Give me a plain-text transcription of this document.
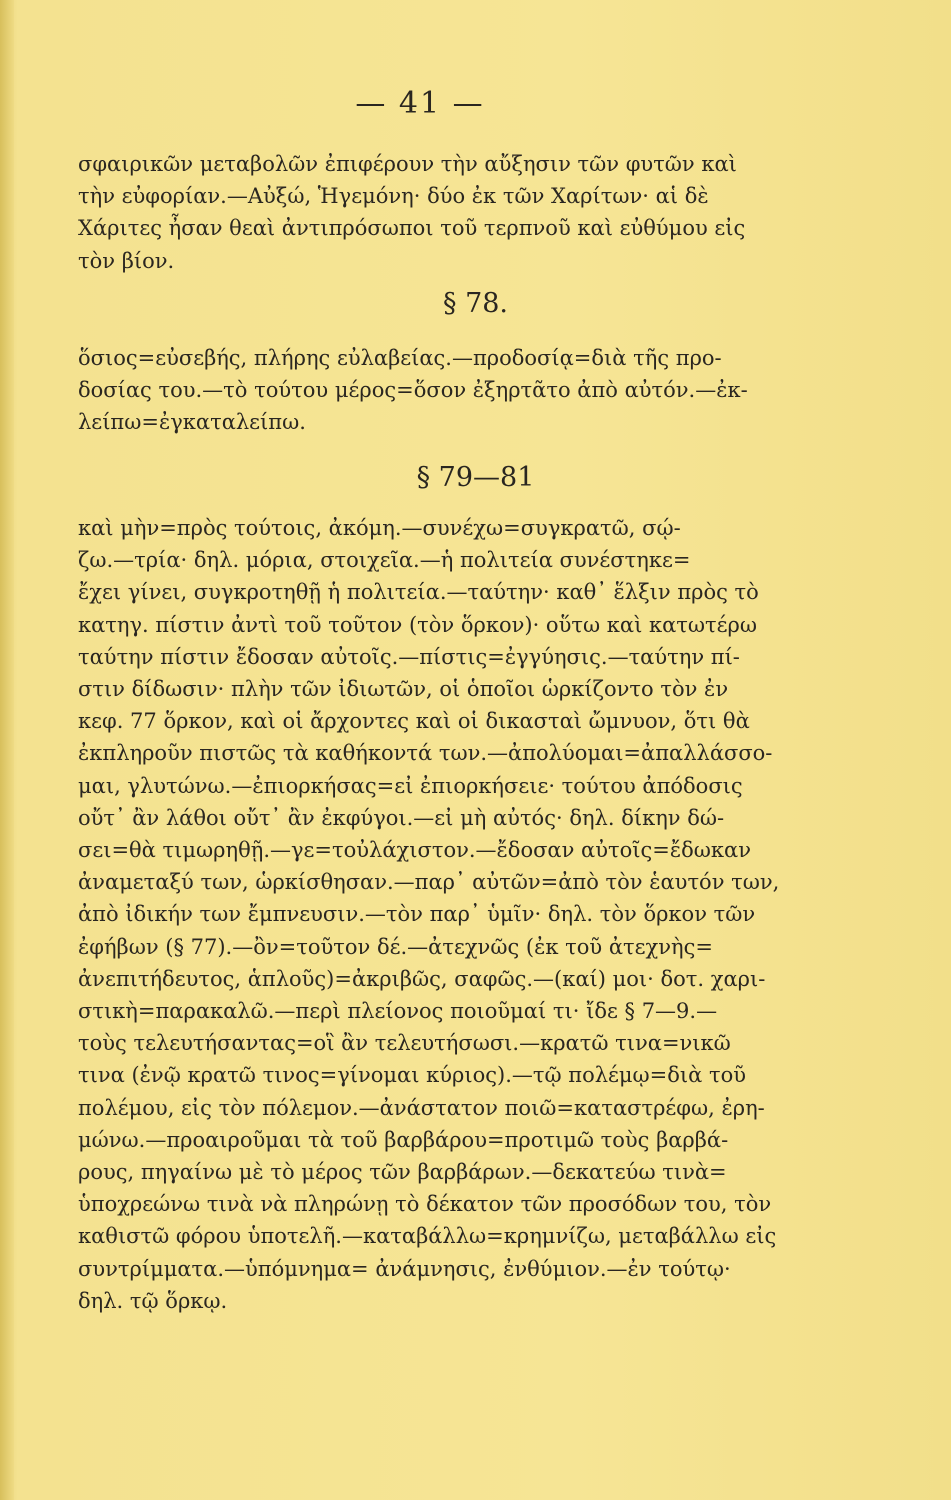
— 41 —
σφαιρικῶν μεταβολῶν ἐπιφέρουν τὴν αὔξησιν τῶν φυτῶν καὶ
τὴν εὐφορίαν.—Αὐξώ, Ἡγεμόνη· δύο ἐκ τῶν Χαρίτων· αἱ δὲ
Χάριτες ἦσαν θεαὶ ἀντιπρόσωποι τοῦ τερπνοῦ καὶ εὐθύμου εἰς
τὸν βίον.
§ 78.
ὅσιος=εὐσεβής, πλήρης εὐλαβείας.—προδοσίᾳ=διὰ τῆς προ-
δοσίας του.—τὸ τούτου μέρος=ὅσον ἐξηρτᾶτο ἀπὸ αὐτόν.—ἐκ-
λείπω=ἐγκαταλείπω.
§ 79—81
καὶ μὴν=πρὸς τούτοις, ἀκόμη.—συνέχω=συγκρατῶ, σῴ-
ζω.—τρία· δηλ. μόρια, στοιχεῖα.—ἡ πολιτεία συνέστηκε=
ἔχει γίνει, συγκροτηθῇ ἡ πολιτεία.—ταύτην· καθ᾽ ἕλξιν πρὸς τὸ
κατηγ. πίστιν ἀντὶ τοῦ τοῦτον (τὸν ὅρκον)· οὕτω καὶ κατωτέρω
ταύτην πίστιν ἔδοσαν αὐτοῖς.—πίστις=ἐγγύησις.—ταύτην πί-
στιν δίδωσιν· πλὴν τῶν ἰδιωτῶν, οἱ ὁποῖοι ὡρκίζοντο τὸν ἐν
κεφ. 77 ὅρκον, καὶ οἱ ἄρχοντες καὶ οἱ δικασταὶ ὤμνυον, ὅτι θὰ
ἐκπληροῦν πιστῶς τὰ καθήκοντά των.—ἀπολύομαι=ἀπαλλάσσο-
μαι, γλυτώνω.—ἐπιορκήσας=εἰ ἐπιορκήσειε· τούτου ἀπόδοσις
οὔτ᾽ ἂν λάθοι οὔτ᾽ ἂν ἐκφύγοι.—εἰ μὴ αὐτός· δηλ. δίκην δώ-
σει=θὰ τιμωρηθῇ.—γε=τοὐλάχιστον.—ἔδοσαν αὐτοῖς=ἔδωκαν
ἀναμεταξύ των, ὡρκίσθησαν.—παρ᾽ αὐτῶν=ἀπὸ τὸν ἑαυτόν των,
ἀπὸ ἰδικήν των ἔμπνευσιν.—τὸν παρ᾽ ὑμῖν· δηλ. τὸν ὅρκον τῶν
ἐφήβων (§ 77).—ὂν=τοῦτον δέ.—ἀτεχνῶς (ἐκ τοῦ ἀτεχνὴς=
ἀνεπιτήδευτος, ἁπλοῦς)=ἀκριβῶς, σαφῶς.—(καί) μοι· δοτ. χαρι-
στικὴ=παρακαλῶ.—περὶ πλείονος ποιοῦμαί τι· ἴδε § 7—9.—
τοὺς τελευτήσαντας=οἳ ἂν τελευτήσωσι.—κρατῶ τινα=νικῶ
τινα (ἐνῷ κρατῶ τινος=γίνομαι κύριος).—τῷ πολέμῳ=διὰ τοῦ
πολέμου, εἰς τὸν πόλεμον.—ἀνάστατον ποιῶ=καταστρέφω, ἐρη-
μώνω.—προαιροῦμαι τὰ τοῦ βαρβάρου=προτιμῶ τοὺς βαρβά-
ρους, πηγαίνω μὲ τὸ μέρος τῶν βαρβάρων.—δεκατεύω τινὰ=
ὑποχρεώνω τινὰ νὰ πληρώνῃ τὸ δέκατον τῶν προσόδων του, τὸν
καθιστῶ φόρου ὑποτελῆ.—καταβάλλω=κρημνίζω, μεταβάλλω εἰς
συντρίμματα.—ὑπόμνημα= ἀνάμνησις, ἐνθύμιον.—ἐν τούτῳ·
δηλ. τῷ ὅρκῳ.
